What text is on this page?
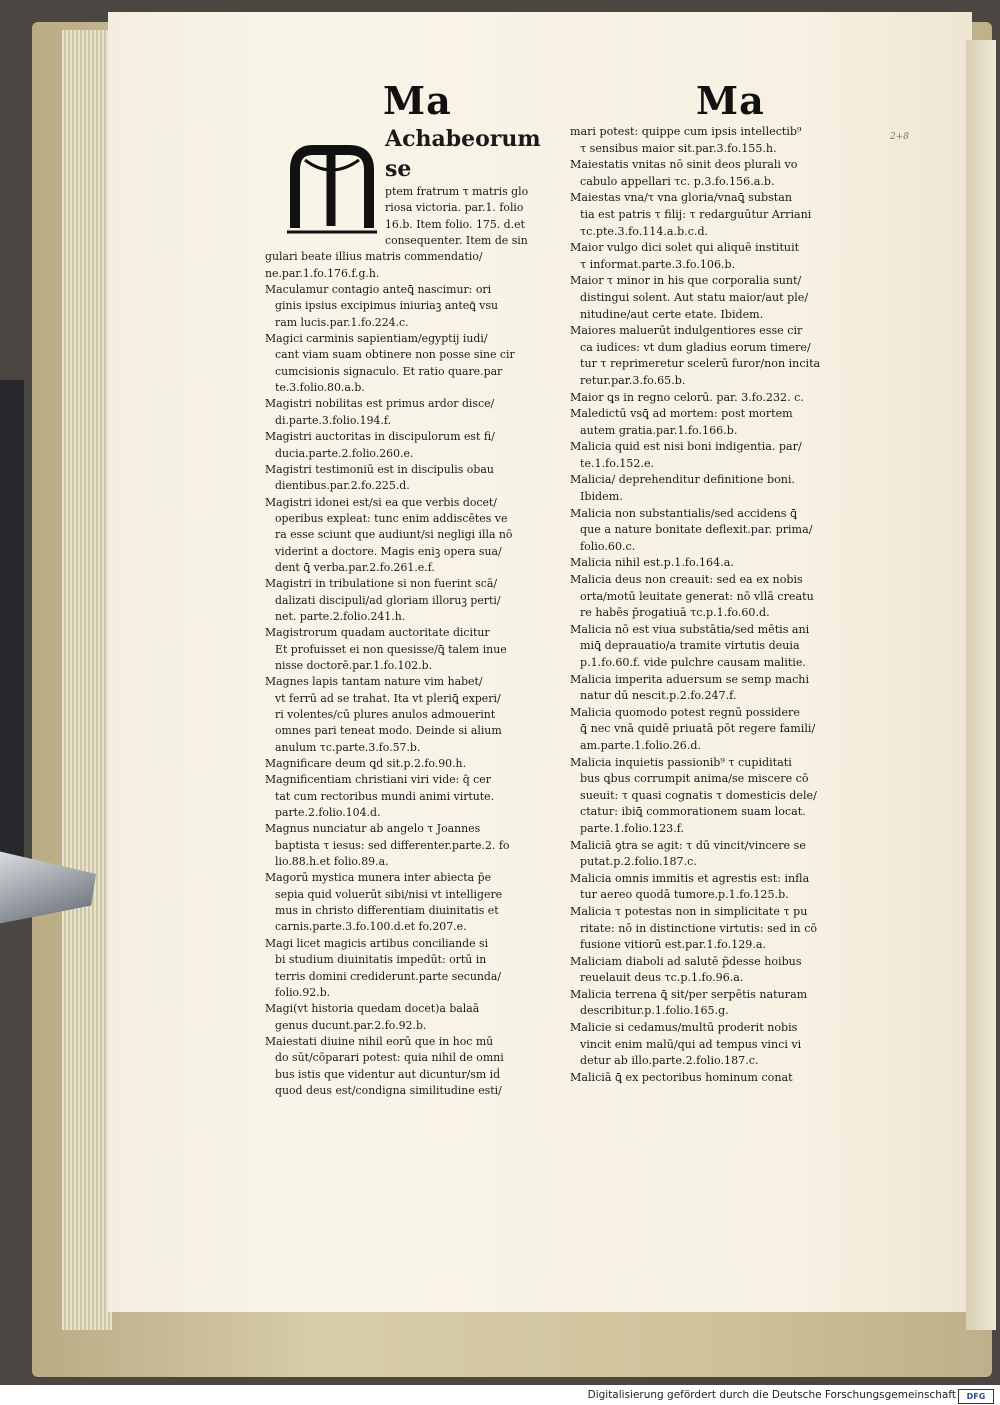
Ma	Ma
2+8

Achabeorum se
ptem fratrum τ matris glo
riosa victoria. par.1. folio
16.b. Item folio. 175. d.et
consequenter. Item de sin
gulari beate illius matris commendatio/
ne.par.1.fo.176.f.g.h.

Maculamur contagio anteꝗ̄ nascimur: ori
ginis ipsius excipimus iniuriaꝫ anteꝗ̄ vsu
ram lucis.par.1.fo.224.c.

Magici carminis sapientiam/egyptij iudi/
cant viam suam obtinere non posse sine cir
cumcisionis signaculo. Et ratio quare.par
te.3.folio.80.a.b.

Magistri nobilitas est primus ardor disce/
di.parte.3.folio.194.f.

Magistri auctoritas in discipulorum est fi/
ducia.parte.2.folio.260.e.

Magistri testimoniū est in discipulis obau
dientibus.par.2.fo.225.d.

Magistri idonei est/si ea que verbis docet/
operibus expleat: tunc enim addiscētes ve
ra esse sciunt que audiunt/si negligi illa nō
viderint a doctore. Magis eniꝫ opera sua/
dent ꝗ̄ verba.par.2.fo.261.e.f.

Magistri in tribulatione si non fuerint scā/
dalizati discipuli/ad gloriam illoruꝫ perti/
net. parte.2.folio.241.h.

Magistrorum quadam auctoritate dicitur
Et profuisset ei non quesisse/ꝗ̄ talem inue
nisse doctorē.par.1.fo.102.b.

Magnes lapis tantam nature vim habet/
vt ferrū ad se trahat. Ita vt pleriꝗ̄ experi/
ri volentes/cū plures anulos admouerint
omnes pari teneat modo. Deinde si alium
anulum τc.parte.3.fo.57.b.

Magnificare deum ꝗd sit.p.2.fo.90.h.

Magnificentiam christiani viri vide: q̄ cer
tat cum rectoribus mundi animi virtute.
parte.2.folio.104.d.

Magnus nunciatur ab angelo τ Joannes
baptista τ iesus: sed differenter.parte.2. fo
lio.88.h.et folio.89.a.

Magorū mystica munera inter abiecta p̄e
sepia quid voluerūt sibi/nisi vt intelligere
mus in christo differentiam diuinitatis et
carnis.parte.3.fo.100.d.et fo.207.e.

Magi licet magicis artibus conciliande si
bi studium diuinitatis impedūt: ortū in
terris domini crediderunt.parte secunda/
folio.92.b.

Magi(vt historia quedam docet)a balaā
genus ducunt.par.2.fo.92.b.

Maiestati diuine nihil eorū que in hoc mū
do sūt/cōparari potest: quia nihil de omni
bus istis que videntur aut dicuntur/sm iḋ
quod deus est/condigna similitudine esti/

mari potest: quippe cum ipsis intellectib⁹
τ sensibus maior sit.par.3.fo.155.h.

Maiestatis vnitas nō sinit deos plurali vo
cabulo appellari τc. p.3.fo.156.a.b.

Maiestas vna/τ vna gloria/vnaꝗ̄ substan
tia est patris τ filij: τ redarguūtur Arriani
τc.pte.3.fo.114.a.b.c.d.

Maior vulgo dici solet qui aliquē instituit
τ informat.parte.3.fo.106.b.

Maior τ minor in his que corporalia sunt/
distingui solent. Aut statu maior/aut ple/
nitudine/aut certe etate. Ibidem.

Maiores maluerūt indulgentiores esse cir
ca iudices: vt dum gladius eorum timere/
tur τ reprimeretur scelerū furor/non incita
retur.par.3.fo.65.b.

Maior ꝗs in regno celorū. par. 3.fo.232. c.

Maledictū vsꝗ̄ ad mortem: post mortem
autem gratia.par.1.fo.166.b.

Malicia quid est nisi boni indigentia. par/
te.1.fo.152.e.

Malicia/ deprehenditur definitione boni.
Ibidem.

Malicia non substantialis/sed accidens ꝗ̄
que a nature bonitate deflexit.par. prima/
folio.60.c.

Malicia nihil est.p.1.fo.164.a.

Malicia deus non creauit: sed ea ex nobis
orta/motū leuitate generat: nō vllā creatu
re habēs p̄rogatiuā τc.p.1.fo.60.d.

Malicia nō est viua substātia/sed mētis ani
miꝗ̄ deprauatio/a tramite virtutis deuia
p.1.fo.60.f. vide pulchre causam malitie.

Malicia imperita aduersum se semp machi
natur dū nescit.p.2.fo.247.f.

Malicia quomodo potest regnū possidere
ꝗ̄ nec vnā quidē priuatā pōt regere famili/
am.parte.1.folio.26.d.

Malicia inquietis passionib⁹ τ cupiditati
bus ꝗbus corrumpit anima/se miscere cō
sueuit: τ quasi cognatis τ domesticis dele/
ctatur: ibiꝗ̄ commorationem suam locat.
parte.1.folio.123.f.

Maliciā ꝯtra se agit: τ dū vincit/vincere se
putat.p.2.folio.187.c.

Malicia omnis immitis et agrestis est: infla
tur aereo quodā tumore.p.1.fo.125.b.

Malicia τ potestas non in simplicitate τ pu
ritate: nō in distinctione virtutis: sed in cō
fusione vitiorū est.par.1.fo.129.a.

Maliciam diaboli ad salutē p̄desse hoibus
reuelauit deus τc.p.1.fo.96.a.

Malicia terrena ꝗ̄ sit/per serpētis naturam
describitur.p.1.folio.165.g.

Malicie si cedamus/multū proderit nobis
vincit enim malū/qui ad tempus vinci vi
detur ab illo.parte.2.folio.187.c.

Maliciā ꝗ̄ ex pectoribus hominum conat

Digitalisierung gefördert durch die Deutsche Forschungsgemeinschaft	DFG
